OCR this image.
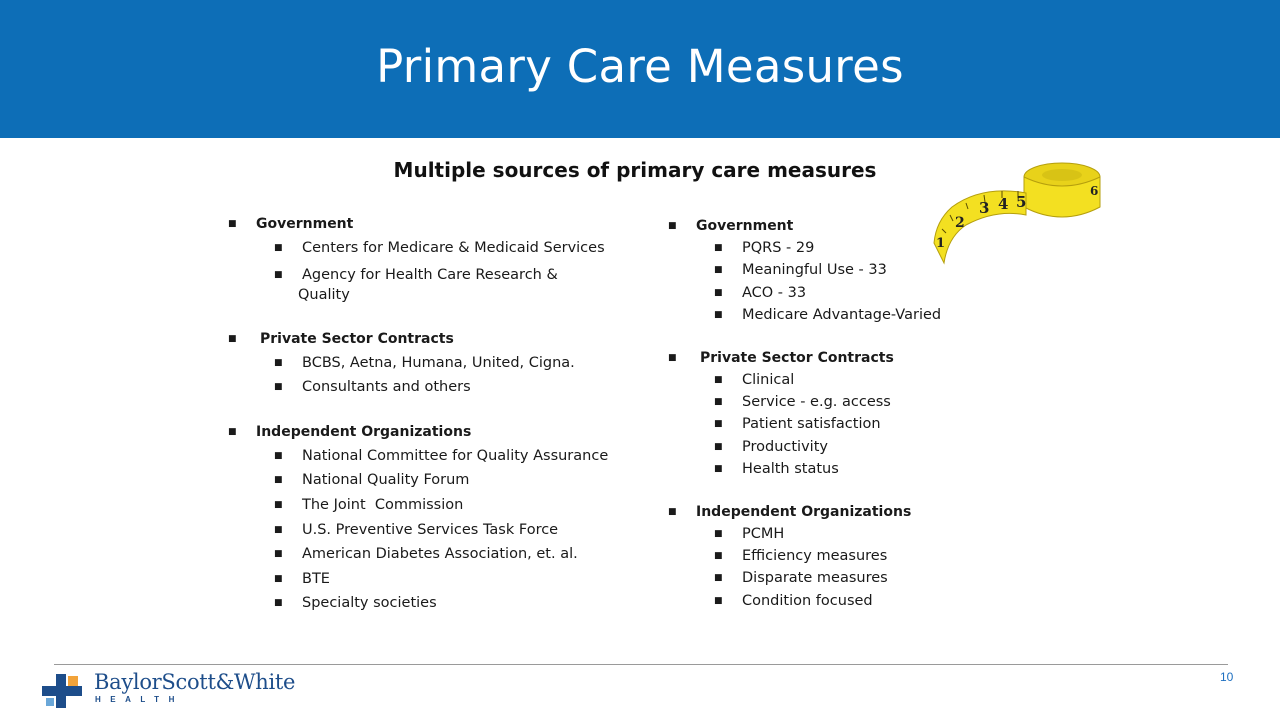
Primary Care Measures
Multiple sources of primary care measures
■	Government
■	Centers for Medicare & Medicaid Services
■	Agency for Health Care Research &
Quality
■	Private Sector Contracts
■	BCBS, Aetna, Humana, United, Cigna.
■	Consultants and others
■	Independent Organizations
■	National Committee for Quality Assurance
■	National Quality Forum
■	The Joint  Commission
■	U.S. Preventive Services Task Force
■	American Diabetes Association, et. al.
■	BTE
■	Specialty societies
■	Government
■	PQRS - 29
■	Meaningful Use - 33
■	ACO - 33
■	Medicare Advantage-Varied
■	Private Sector Contracts
■	Clinical
■	Service - e.g. access
■	Patient satisfaction
■	Productivity
■	Health status
■	Independent Organizations
■	PCMH
■	Efficiency measures
■	Disparate measures
■	Condition focused
1
2
3 4 5
6
BaylorScott&White
HEALTH
10
